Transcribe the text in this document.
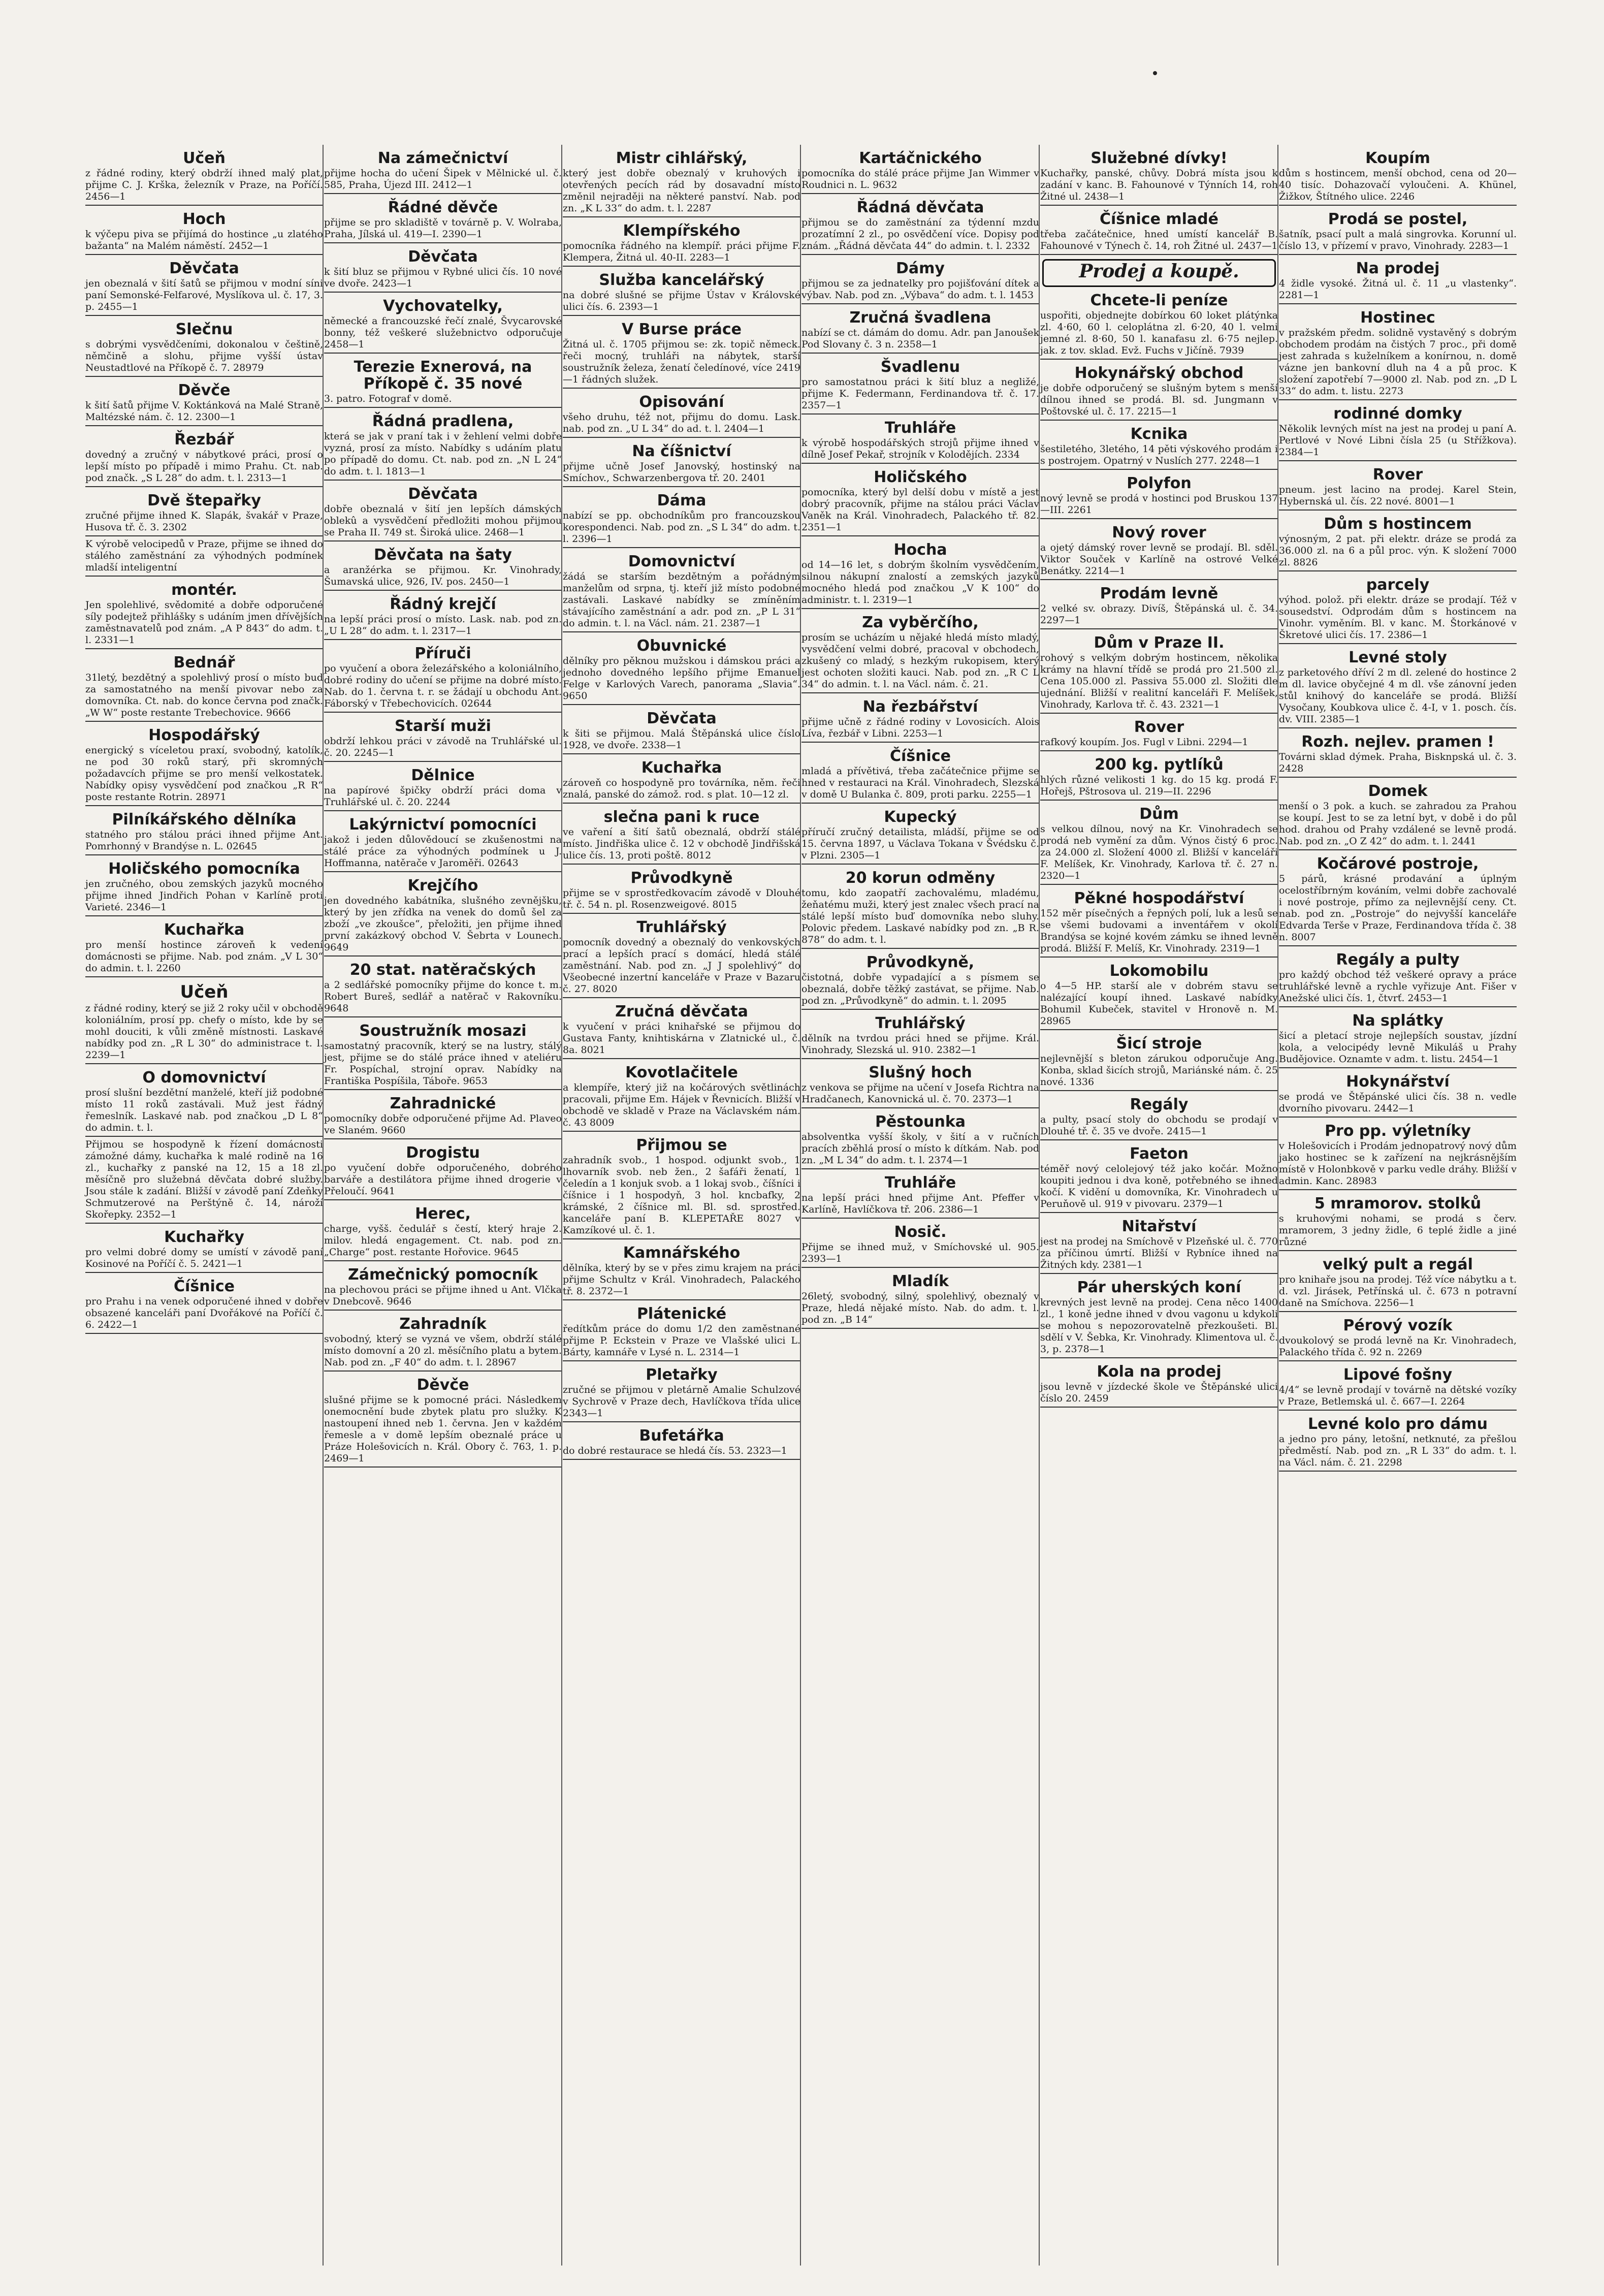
Učeň

z řádné rodiny, který obdrží ihned malý plat, přijme C. J. Krška, železník v Praze, na Poříčí. 2456—1

Hoch

k výčepu piva se přijímá do hostince „u zlatého bažanta“ na Malém náměstí. 2452—1

Děvčata

jen obeznalá v šití šatů se přijmou v modní síni paní Semonské-Felfarové, Myslíkova ul. č. 17, 3. p. 2455—1

Slečnu

s dobrými vysvědčeními, dokonalou v češtině, němčině a slohu, přijme vyšší ústav Neustadtlové na Příkopě č. 7. 28979

Děvče

k šití šatů přijme V. Koktánková na Malé Straně, Maltézské nám. č. 12. 2300—1

Řezbář

dovedný a zručný v nábytkové práci, prosí o lepší místo po případě i mimo Prahu. Ct. nab. pod značk. „S L 28“ do adm. t. l. 2313—1

Dvě štepařky

zručné přijme ihned K. Slapák, švakář v Praze, Husova tř. č. 3. 2302

K výrobě velocipedů v Praze, přijme se ihned do stálého zaměstnání za výhodných podmínek mladší inteligentní

montér.

Jen spolehlivé, svědomité a dobře odporučené síly podejtež přihlášky s udáním jmen dřívějších zaměstnavatelů pod znám. „A P 843“ do adm. t. l. 2331—1

Bednář

31letý, bezdětný a spolehlivý prosí o místo buď za samostatného na menší pivovar nebo za domovníka. Ct. nab. do konce června pod značk. „W W“ poste restante Trebechovice. 9666

Hospodářský

energický s víceletou praxí, svobodný, katolík, ne pod 30 roků starý, při skromných požadavcích přijme se pro menší velkostatek. Nabídky opisy vysvědčení pod značkou „R R“ poste restante Rotrin. 28971

Pilníkářského dělníka

statného pro stálou práci ihned přijme Ant. Pomrhonný v Brandýse n. L. 02645

Holičského pomocníka

jen zručného, obou zemských jazyků mocného přijme ihned Jindřich Pohan v Karlíně proti Varieté. 2346—1

Kuchařka

pro menší hostince zároveň k vedení domácnosti se přijme. Nab. pod znám. „V L 30“ do admin. t. l. 2260

Učeň

z řádné rodiny, který se již 2 roky učil v obchodě koloniálním, prosí pp. chefy o místo, kde by se mohl douciti, k vůli změně místnosti. Laskavé nabídky pod zn. „R L 30“ do administrace t. l. 2239—1

O domovnictví

prosí slušní bezdětní manželé, kteří již podobné místo 11 roků zastávali. Muž jest řádný řemeslník. Laskavé nab. pod značkou „D L 8“ do admin. t. l.

Přijmou se hospodyně k řízení domácnosti zámožné dámy, kuchařka k malé rodině na 16 zl., kuchařky z panské na 12, 15 a 18 zl. měsíčně pro služebná děvčata dobré služby. Jsou stále k zadání. Bližší v závodě paní Zdeňky Schmutzerové na Perštýně č. 14, nároží Skořepky. 2352—1

Kuchařky

pro velmi dobré domy se umístí v závodě paní Kosinové na Poříčí č. 5. 2421—1

Číšnice

pro Prahu i na venek odporučené ihned v dobře obsazené kanceláři paní Dvořákové na Poříčí č. 6. 2422—1

Na zámečnictví

přijme hocha do učení Šipek v Mělnické ul. č. 585, Praha, Újezd III. 2412—1

Řádné děvče

přijme se pro skladiště v továrně p. V. Wolraba, Praha, Jílská ul. 419—I. 2390—1

Děvčata

k šití bluz se přijmou v Rybné ulici čís. 10 nové ve dvoře. 2423—1

Vychovatelky,

německé a francouzské řečí znalé, Švycarovské bonny, též veškeré služebnictvo odporučuje 2458—1

Terezie Exnerová, na Příkopě č. 35 nové

3. patro. Fotograf v domě.

Řádná pradlena,

která se jak v praní tak i v žehlení velmi dobře vyzná, prosí za místo. Nabídky s udáním platu po případě do domu. Ct. nab. pod zn. „N L 24“ do adm. t. l. 1813—1

Děvčata

dobře obeznalá v šití jen lepších dámských oblekû a vysvědčení předložiti mohou přijmou se Praha II. 749 st. Široká ulice. 2468—1

Děvčata na šaty

a aranžérka se přijmou. Kr. Vinohrady, Šumavská ulice, 926, IV. pos. 2450—1

Řádný krejčí

na lepší práci prosí o místo. Lask. nab. pod zn. „U L 28“ do adm. t. l. 2317—1

Příruči

po vyučení a obora železářského a koloniálního, dobré rodiny do učení se přijme na dobré místo. Nab. do 1. června t. r. se žádají u obchodu Ant. Fáborský v Třebechovicích. 02644

Starší muži

obdrží lehkou práci v závodě na Truhlářské ul. č. 20. 2245—1

Dělnice

na papírové špičky obdrží práci doma v Truhlářské ul. č. 20. 2244

Lakýrnictví pomocníci

jakož i jeden důlovědoucí se zkušenostmi na stálé práce za výhodných podmínek u J. Hoffmanna, natěrače v Jaroměři. 02643

Krejčího

jen dovedného kabátníka, slušného zevnějšku, který by jen zřídka na venek do domů šel za zboží „ve zkoušce“, přeložiti, jen přijme ihned první zakázkový obchod V. Šebrta v Lounech. 9649

20 stat. natěračských

a 2 sedlářské pomocníky přijme do konce t. m. Robert Bureš, sedlář a natěrač v Rakovníku. 9648

Soustružník mosazi

samostatný pracovník, který se na lustry, stálý jest, přijme se do stálé práce ihned v ateliéru Fr. Pospíchal, strojní oprav. Nabídky na Františka Pospíšila, Táboře. 9653

Zahradnické

pomocníky dobře odporučené přijme Ad. Plaveo ve Slaném. 9660

Drogistu

po vyučení dobře odporučeného, dobrého barváře a destilátora přijme ihned drogerie v Přeloučí. 9641

Herec,

charge, vyšš. čedulář s čestí, který hraje 2. milov. hledá engagement. Ct. nab. pod zn. „Charge“ post. restante Hořovice. 9645

Zámečnický pomocník

na plechovou práci se přijme ihned u Ant. Vlčka v Dnebcově. 9646

Zahradník

svobodný, který se vyzná ve všem, obdrží stálé místo domovní a 20 zl. měsíčního platu a bytem. Nab. pod zn. „F 40“ do adm. t. l. 28967

Děvče

slušné přijme se k pomocné práci. Následkem onemocnění bude zbytek platu pro služky. K nastoupení ihned neb 1. června. Jen v každém řemesle a v domě lepším obeznalé práce u Práze Holešovicích n. Král. Obory č. 763, 1. p. 2469—1

Mistr cihlářský,

který jest dobře obeznalý v kruhových i otevřených pecích rád by dosavadní místo změnil nejraději na některé panství. Nab. pod zn. „K L 33“ do adm. t. l. 2287

Klempířského

pomocníka řádného na klempíř. práci přijme F. Klempera, Žitná ul. 40-II. 2283—1

Služba kancelářský

na dobré slušné se přijme Ústav v Královské ulici čís. 6. 2393—1

V Burse práce

Žitná ul. č. 1705 přijmou se: zk. topič německ. řeči mocný, truhláři na nábytek, starší soustružník železa, ženatí čeledínové, více 2419—1 řádných služek.

Opisování

všeho druhu, též not, přijmu do domu. Lask. nab. pod zn. „U L 34“ do ad. t. l. 2404—1

Na číšnictví

přijme učně Josef Janovský, hostinský na Smíchov., Schwarzenbergova tř. 20. 2401

Dáma

nabízí se pp. obchodníkům pro francouzskou korespondenci. Nab. pod zn. „S L 34“ do adm. t. l. 2396—1

Domovnictví

žádá se starším bezdětným a pořádným manželům od srpna, tj. kteří již místo podobné zastávali. Laskavé nabídky se zmíněním stávajícího zaměstnání a adr. pod zn. „P L 31“ do admin. t. l. na Václ. nám. 21. 2387—1

Obuvnické

dělníky pro pěknou mužskou i dámskou práci a jednoho dovedného lepšího přijme Emanuel Felge v Karlových Varech, panorama „Slavia“. 9650

Děvčata

k šiti se přijmou. Malá Štěpánská ulice číslo 1928, ve dvoře. 2338—1

Kuchařka

zároveň co hospodyně pro továrníka, něm. řeči znalá, panské do zámož. rod. s plat. 10—12 zl.

slečna pani k ruce

ve vaření a šití šatů obeznalá, obdrží stálé místo. Jindřiška ulice č. 12 v obchodě Jindřišská ulice čís. 13, proti poště. 8012

Průvodkyně

přijme se v sprostředkovacím závodě v Dlouhé tř. č. 54 n. pl. Rosenzweigové. 8015

Truhlářský

pomocník dovedný a obeznalý do venkovských prací a lepších prací s domácí, hledá stálé zaměstnání. Nab. pod zn. „J J spolehlivý“ do Všeobecné inzertní kanceláře v Praze v Bazaru č. 27. 8020

Zručná děvčata

k vyučení v práci knihařské se přijmou do Gustava Fanty, knihtiskárna v Zlatnické ul., č. 8a. 8021

Kovotlačitele

a klempíře, který již na kočárových světlinách pracovali, přijme Em. Hájek v Řevnicích. Bližší v obchodě ve skladě v Praze na Václavském nám. č. 43 8009

Přijmou se

zahradník svob., 1 hospod. odjunkt svob., 1 lhovarník svob. neb žen., 2 šafáři ženatí, 1 čeledín a 1 konjuk svob. a 1 lokaj svob., číšníci i číšnice i 1 hospodyň, 3 hol. kncbafky, 2 krámské, 2 číšnice ml. Bl. sd. sprostřed. kanceláře paní B. KLEPETAŘE 8027 v Kamzíkové ul. č. 1.

Kamnářského

dělníka, který by se v přes zimu krajem na práci přijme Schultz v Král. Vinohradech, Palackého tř. 8. 2372—1

Plátenické

ředítkům práce do domu 1/2 den zaměstnané přijme P. Eckstein v Praze ve Vlašské ulici L. Bárty, kamnáře v Lysé n. L. 2314—1

Pletařky

zručné se přijmou v pletárně Amalie Schulzové v Sychrově v Praze dech, Havlíčkova třída ulice 2343—1

Bufetářka

do dobré restaurace se hledá čís. 53. 2323—1

Kartáčnického

pomocníka do stálé práce přijme Jan Wimmer v Roudnici n. L. 9632

Řádná děvčata

přijmou se do zaměstnání za týdenní mzdu prozatímní 2 zl., po osvědčení více. Dopisy pod znám. „Řádná děvčata 44“ do admin. t. l. 2332

Dámy

přijmou se za jednatelky pro pojišťování dítek a výbav. Nab. pod zn. „Výbava“ do adm. t. l. 1453

Zručná švadlena

nabízí se ct. dámám do domu. Adr. pan Janoušek Pod Slovany č. 3 n. 2358—1

Švadlenu

pro samostatnou práci k šití bluz a negližé, přijme K. Federmann, Ferdinandova tř. č. 17. 2357—1

Truhláře

k výrobě hospodářských strojů přijme ihned v dílně Josef Pekař, strojník v Kolodějích. 2334

Holičského

pomocníka, který byl delší dobu v místě a jest dobrý pracovník, přijme na stálou práci Václav Vaněk na Král. Vinohradech, Palackého tř. 82. 2351—1

Hocha

od 14—16 let, s dobrým školním vysvědčením, silnou nákupní znalostí a zemských jazyků mocného hledá pod značkou „V K 100“ do administr. t. l. 2319—1

Za vyběrčího,

prosím se ucházím u nějaké hledá místo mladý, vysvědčení velmi dobré, pracoval v obchodech, zkušený co mladý, s hezkým rukopisem, který jest ochoten složiti kauci. Nab. pod zn. „R C L 34“ do admin. t. l. na Václ. nám. č. 21.

Na řezbářství

přijme učně z řádné rodiny v Lovosicích. Alois Líva, řezbář v Libni. 2253—1

Číšnice

mladá a přívětivá, třeba začátečnice přijme se hned v restauraci na Král. Vinohradech, Slezská v domě U Bulanka č. 809, proti parku. 2255—1

Kupecký

příručí zručný detailista, mládší, přijme se od 15. června 1897, u Václava Tokana v Švédsku č. v Plzni. 2305—1

20 korun odměny

tomu, kdo zaopatří zachovalému, mladému, žeňatému muži, který jest znalec všech prací na stálé lepší místo buď domovníka nebo sluhy. Polovic předem. Laskavé nabídky pod zn. „B R. 878“ do adm. t. l.

Průvodkyně,

čistotná, dobře vypadající a s písmem se obeznalá, dobře těžký zastávat, se přijme. Nab. pod zn. „Průvodkyně“ do admin. t. l. 2095

Truhlářský

dělník na tvrdou práci hned se přijme. Král. Vinohrady, Slezská ul. 910. 2382—1

Slušný hoch

z venkova se přijme na učení v Josefa Richtra na Hradčanech, Kanovnická ul. č. 70. 2373—1

Pěstounka

absolventka vyšší školy, v šití a v ručních pracích zběhlá prosí o místo k dítkám. Nab. pod zn. „M L 34“ do adm. t. l. 2374—1

Truhláře

na lepší práci hned přijme Ant. Pfeffer v Karlíně, Havlíčkova tř. 206. 2386—1

Nosič.

Přijme se ihned muž, v Smíchovské ul. 905. 2393—1

Mladík

26letý, svobodný, silný, spolehlivý, obeznalý v Praze, hledá nějaké místo. Nab. do adm. t. l. pod zn. „B 14“

Služebné dívky!

Kuchařky, panské, chůvy. Dobrá místa jsou k zadání v kanc. B. Fahounové v Týnních 14, roh Žitné ul. 2438—1

Číšnice mladé

třeba začátečnice, hned umístí kancelář B. Fahounové v Týnech č. 14, roh Žitné ul. 2437—1

Prodej a koupě.
Chcete-li peníze

uspořiti, objednejte dobírkou 60 loket plátýnka zl. 4·60, 60 l. celoplátna zl. 6·20, 40 l. velmi jemné zl. 8·60, 50 l. kanafasu zl. 6·75 nejlep. jak. z tov. sklad. Evž. Fuchs v Jičíně. 7939

Hokynářský obchod

je dobře odporučený se slušným bytem s menší dílnou ihned se prodá. Bl. sd. Jungmann v Poštovské ul. č. 17. 2215—1

Kcnika

šestiletého, 3letého, 14 pěti výskového prodám i s postrojem. Opatrný v Nuslích 277. 2248—1

Polyfon

nový levně se prodá v hostinci pod Bruskou 137—III. 2261

Nový rover

a ojetý dámský rover levně se prodají. Bl. sděl. Viktor Souček v Karlíně na ostrové Velké Benátky. 2214—1

Prodám levně

2 velké sv. obrazy. Divíš, Štěpánská ul. č. 34. 2297—1

Dům v Praze II.

rohový s velkým dobrým hostincem, několika krámy na hlavní třídě se prodá pro 21.500 zl. Cena 105.000 zl. Passiva 55.000 zl. Složiti dle ujednání. Bližší v realitní kanceláři F. Melíšek, Vinohrady, Karlova tř. č. 43. 2321—1

Rover

rafkový koupím. Jos. Fugl v Libni. 2294—1

200 kg. pytlíků

hlých různé velikosti 1 kg. do 15 kg. prodá F. Hořejš, Pštrosova ul. 219—II. 2296

Dům

s velkou dílnou, nový na Kr. Vinohradech se prodá neb vymění za dům. Výnos čistý 6 proc. za 24.000 zl. Složení 4000 zl. Bližší v kanceláři F. Melíšek, Kr. Vinohrady, Karlova tř. č. 27 n. 2320—1

Pěkné hospodářství

152 měr písečných a řepných polí, luk a lesů se se všemi budovami a inventářem v okolí Brandýsa se kojné kovém zámku se ihned levně prodá. Bližší F. Melíš, Kr. Vinohrady. 2319—1

Lokomobilu

o 4—5 HP. starší ale v dobrém stavu se nalézající koupí ihned. Laskavé nabídky Bohumil Kubeček, stavitel v Hronově n. M. 28965

Šicí stroje

nejlevnější s bleton zárukou odporučuje Ang. Konba, sklad šicích strojů, Mariánské nám. č. 25 nové. 1336

Regály

a pulty, psací stoly do obchodu se prodají v Dlouhé tř. č. 35 ve dvoře. 2415—1

Faeton

téměř nový celolejový též jako kočár. Možno koupiti jednou i dva koně, potřebného se ihned kočí. K vidění u domovníka, Kr. Vinohradech u Peruňově ul. 919 v pivovaru. 2379—1

Nitařství

jest na prodej na Smíchově v Plzeňské ul. č. 770 za příčinou úmrtí. Bližší v Rybníce ihned na Žitných kdy. 2381—1

Pár uherských koní

krevných jest levně na prodej. Cena něco 1400 zl., 1 koně jedne ihned v dvou vagonu u kdykoli se mohou s nepozorovatelně přezkoušeti. Bl. sdělí v V. Šebka, Kr. Vinohrady. Klimentova ul. č. 3, p. 2378—1

Kola na prodej

jsou levně v jízdecké škole ve Štěpánské ulici číslo 20. 2459

Koupím

dům s hostincem, menší obchod, cena od 20—40 tisíc. Dohazovačí vyloučeni. A. Khünel, Žižkov, Štítného ulice. 2246

Prodá se postel,

šatník, psací pult a malá singrovka. Korunní ul. číslo 13, v přízemí v pravo, Vinohrady. 2283—1

Na prodej

4 židle vysoké. Žitná ul. č. 11 „u vlastenky“. 2281—1

Hostinec

v pražském předm. solidně vystavěný s dobrým obchodem prodám na čistých 7 proc., při domě jest zahrada s kuželníkem a konírnou, n. domě vázne jen bankovní dluh na 4 a pů proc. K složení zapotřebí 7—9000 zl. Nab. pod zn. „D L 33“ do adm. t. listu. 2273

rodinné domky

Několik levných míst na jest na prodej u paní A. Pertlové v Nové Libni čísla 25 (u Střížkova). 2384—1

Rover

pneum. jest lacino na prodej. Karel Stein, Hybernská ul. čís. 22 nové. 8001—1

Dům s hostincem

výnosným, 2 pat. při elektr. dráze se prodá za 36.000 zl. na 6 a půl proc. výn. K složení 7000 zl. 8826

parcely

výhod. polož. při elektr. dráze se prodají. Též v sousedství. Odprodám dům s hostincem na Vinohr. vyměním. Bl. v kanc. M. Štorkánové v Škretové ulici čís. 17. 2386—1

Levné stoly

z parketového dříví 2 m dl. zelené do hostince 2 m dl. lavice obyčejné 4 m dl. vše zánovní jeden stůl knihový do kanceláře se prodá. Bližší Vysočany, Koubkova ulice č. 4-I, v 1. posch. čís. dv. VIII. 2385—1

Rozh. nejlev. pramen !

Továrni sklad dýmek. Praha, Bisknpská ul. č. 3. 2428

Domek

menší o 3 pok. a kuch. se zahradou za Prahou se koupí. Jest to se za letní byt, v době i do půl hod. drahou od Prahy vzdálené se levně prodá. Nab. pod zn. „O Z 42“ do adm. t. l. 2441

Kočárové postroje,

5 párů, krásné prodavání a úplným ocelostříbrným kováním, velmi dobře zachovalé i nové postroje, přímo za nejlevnější ceny. Ct. nab. pod zn. „Postroje“ do nejvyšší kanceláře Edvarda Terše v Praze, Ferdinandova třída č. 38 n. 8007

Regály a pulty

pro každý obchod též veškeré opravy a práce truhlářské levně a rychle vyřizuje Ant. Fišer v Anežské ulici čís. 1, čtvrť. 2453—1

Na splátky

šicí a pletací stroje nejlepších soustav, jízdní kola, a velocipédy levně Mikuláš u Prahy Budějovice. Oznamte v adm. t. listu. 2454—1

Hokynářství

se prodá ve Štěpánské ulici čís. 38 n. vedle dvorního pivovaru. 2442—1

Pro pp. výletníky

v Holešovicích i Prodám jednopatrový nový dům jako hostinec se k zařízení na nejkrásnějším místě v Holonbkově v parku vedle dráhy. Bližší v admin. Kanc. 28983

5 mramorov. stolků

s kruhovými nohami, se prodá s červ. mramorem, 3 jedny židle, 6 teplé židle a jiné různé

velký pult a regál

pro knihaře jsou na prodej. Též více nábytku a t. d. vzl. Jirásek, Petřínská ul. č. 673 n potravní daně na Smíchova. 2256—1

Pérový vozík

dvoukolový se prodá levně na Kr. Vinohradech, Palackého třída č. 92 n. 2269

Lipové fošny

4/4“ se levně prodají v továrně na dětské vozíky v Praze, Betlemská ul. č. 667—I. 2264

Levné kolo pro dámu

a jedno pro pány, letošní, netknuté, za přešlou předměstí. Nab. pod zn. „R L 33“ do adm. t. l. na Václ. nám. č. 21. 2298
